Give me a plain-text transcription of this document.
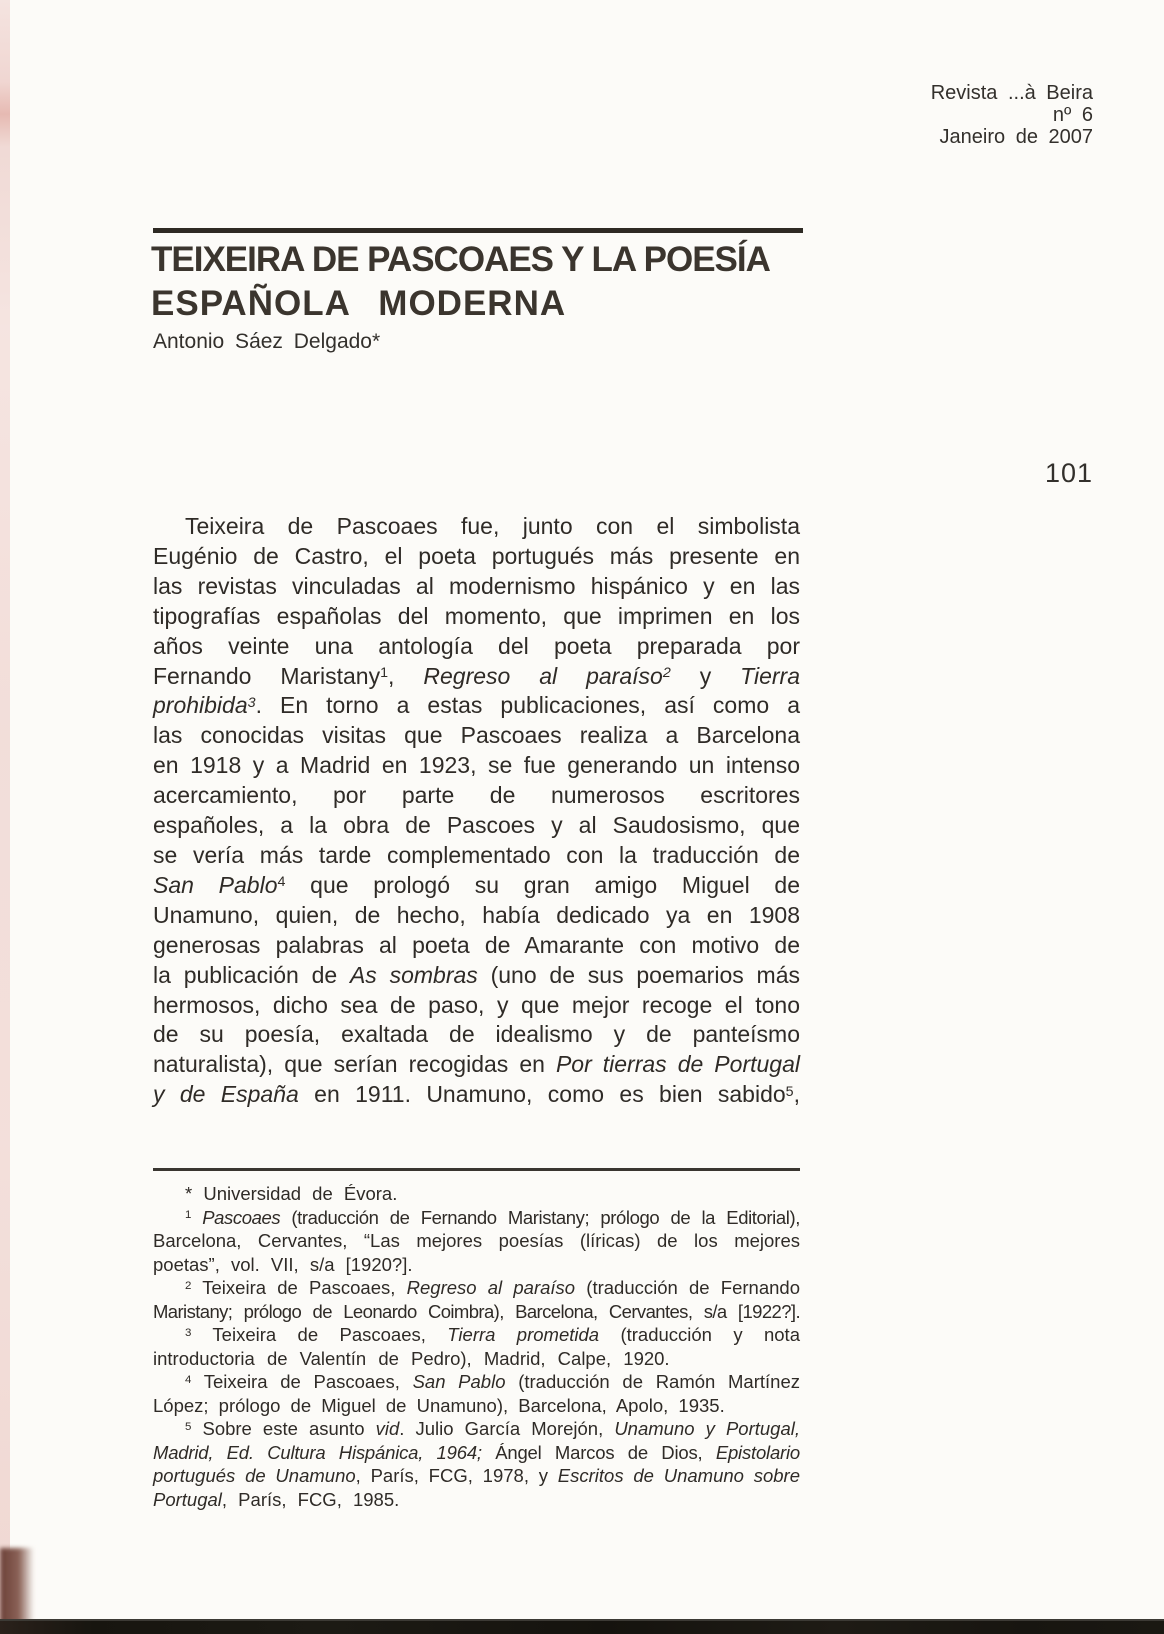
Revista ...à Beira
nº 6
Janeiro de 2007
TEIXEIRA DE PASCOAES Y LA POESÍA
ESPAÑOLA MODERNA
Antonio Sáez Delgado*
101
Teixeira de Pascoaes fue, junto con el simbolista
Eugénio de Castro, el poeta portugués más presente en
las revistas vinculadas al modernismo hispánico y en las
tipografías españolas del momento, que imprimen en los
años veinte una antología del poeta preparada por
Fernando Maristany$^1$, Regreso al paraíso$^2$ y Tierra
prohibida$^3$. En torno a estas publicaciones, así como a
las conocidas visitas que Pascoaes realiza a Barcelona
en 1918 y a Madrid en 1923, se fue generando un intenso
acercamiento, por parte de numerosos escritores
españoles, a la obra de Pascoes y al Saudosismo, que
se vería más tarde complementado con la traducción de
San Pablo$^4$ que prologó su gran amigo Miguel de
Unamuno, quien, de hecho, había dedicado ya en 1908
generosas palabras al poeta de Amarante con motivo de
la publicación de As sombras (uno de sus poemarios más
hermosos, dicho sea de paso, y que mejor recoge el tono
de su poesía, exaltada de idealismo y de panteísmo
naturalista), que serían recogidas en Por tierras de Portugal
y de España en 1911. Unamuno, como es bien sabido$^5$,
* Universidad de Évora.
$^1$ Pascoaes (traducción de Fernando Maristany; prólogo de la Editorial),
Barcelona, Cervantes, “Las mejores poesías (líricas) de los mejores
poetas”, vol. VII, s/a [1920?].
$^2$ Teixeira de Pascoaes, Regreso al paraíso (traducción de Fernando
Maristany; prólogo de Leonardo Coimbra), Barcelona, Cervantes, s/a [1922?].
$^3$ Teixeira de Pascoaes, Tierra prometida (traducción y nota
introductoria de Valentín de Pedro), Madrid, Calpe, 1920.
$^4$ Teixeira de Pascoaes, San Pablo (traducción de Ramón Martínez
López; prólogo de Miguel de Unamuno), Barcelona, Apolo, 1935.
$^5$ Sobre este asunto vid. Julio García Morejón, Unamuno y Portugal,
Madrid, Ed. Cultura Hispánica, 1964; Ángel Marcos de Dios, Epistolario
portugués de Unamuno, París, FCG, 1978, y Escritos de Unamuno sobre
Portugal, París, FCG, 1985.
